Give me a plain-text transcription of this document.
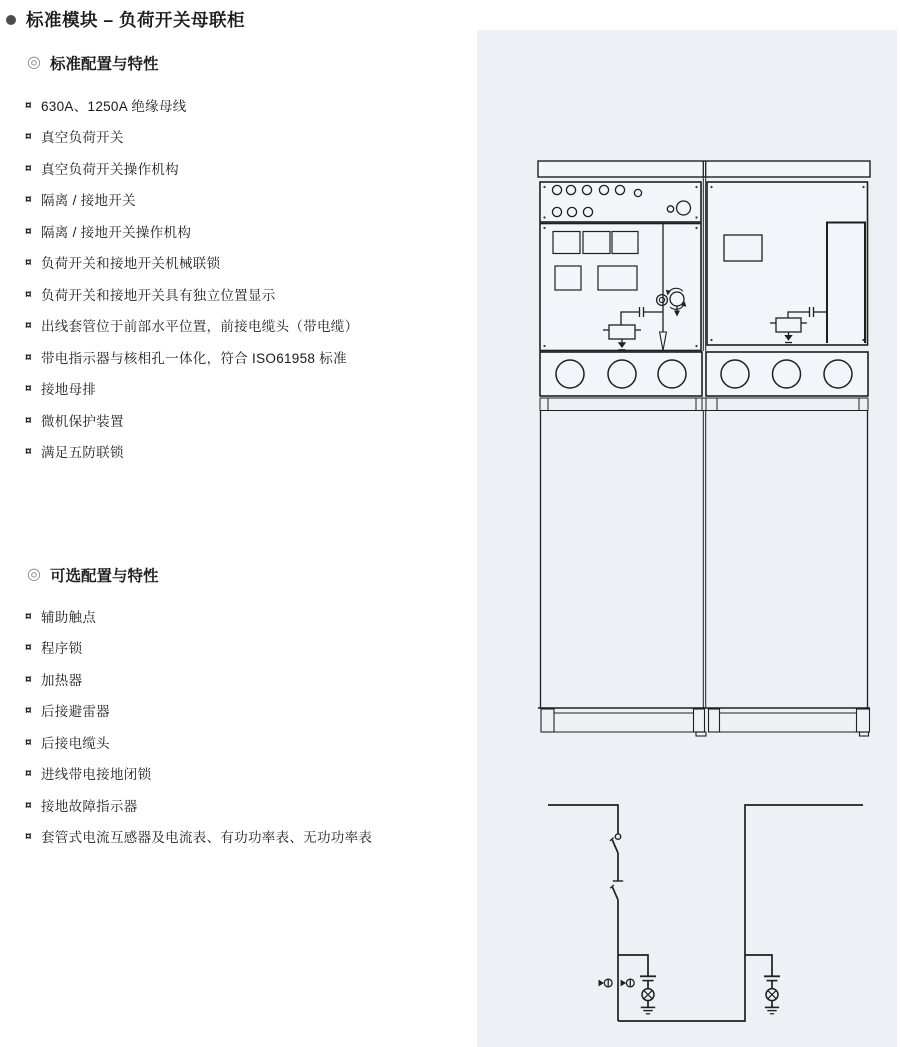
标准模块 – 负荷开关母联柜
◎ 标准配置与特性
¤ 630A、1250A 绝缘母线
¤ 真空负荷开关
¤ 真空负荷开关操作机构
¤ 隔离 / 接地开关
¤ 隔离 / 接地开关操作机构
¤ 负荷开关和接地开关机械联锁
¤ 负荷开关和接地开关具有独立位置显示
¤ 出线套管位于前部水平位置，前接电缆头（带电缆）
¤ 带电指示器与核相孔一体化，符合 ISO61958 标准
¤ 接地母排
¤ 微机保护装置
¤ 满足五防联锁
◎ 可选配置与特性
¤ 辅助触点
¤ 程序锁
¤ 加热器
¤ 后接避雷器
¤ 后接电缆头
¤ 进线带电接地闭锁
¤ 接地故障指示器
¤ 套管式电流互感器及电流表、有功功率表、无功功率表
